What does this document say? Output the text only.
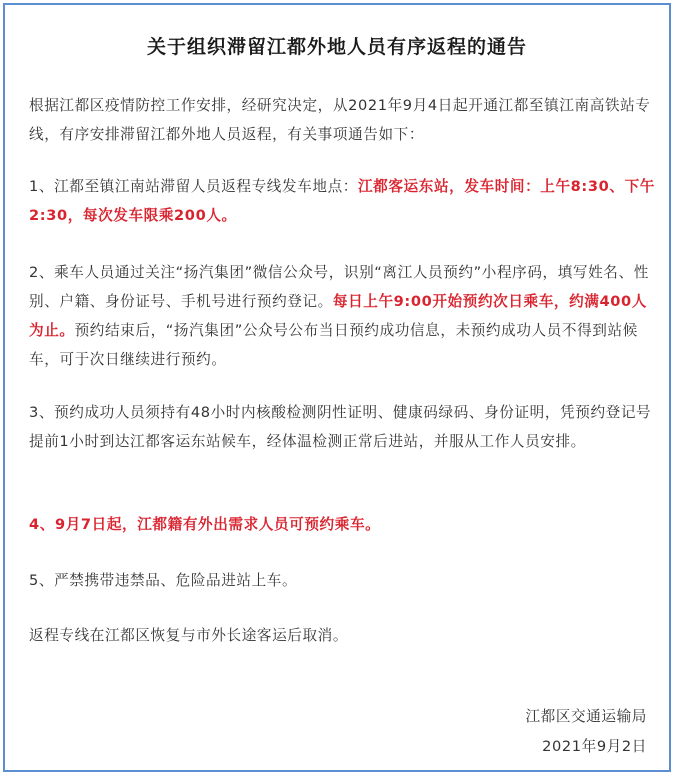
关于组织滞留江都外地人员有序返程的通告

根据江都区疫情防控工作安排，经研究决定，从2021年9月4日起开通江都至镇江南高铁站专线，有序安排滞留江都外地人员返程，有关事项通告如下：

1、江都至镇江南站滞留人员返程专线发车地点：江都客运东站，发车时间：上午8:30、下午2:30，每次发车限乘200人。

2、乘车人员通过关注“扬汽集团”微信公众号，识别“离江人员预约”小程序码，填写姓名、性别、户籍、身份证号、手机号进行预约登记。每日上午9:00开始预约次日乘车，约满400人为止。预约结束后，“扬汽集团”公众号公布当日预约成功信息，未预约成功人员不得到站候车，可于次日继续进行预约。

3、预约成功人员须持有48小时内核酸检测阴性证明、健康码绿码、身份证明，凭预约登记号提前1小时到达江都客运东站候车，经体温检测正常后进站，并服从工作人员安排。

4、9月7日起，江都籍有外出需求人员可预约乘车。

5、严禁携带违禁品、危险品进站上车。

返程专线在江都区恢复与市外长途客运后取消。

江都区交通运输局

2021年9月2日
